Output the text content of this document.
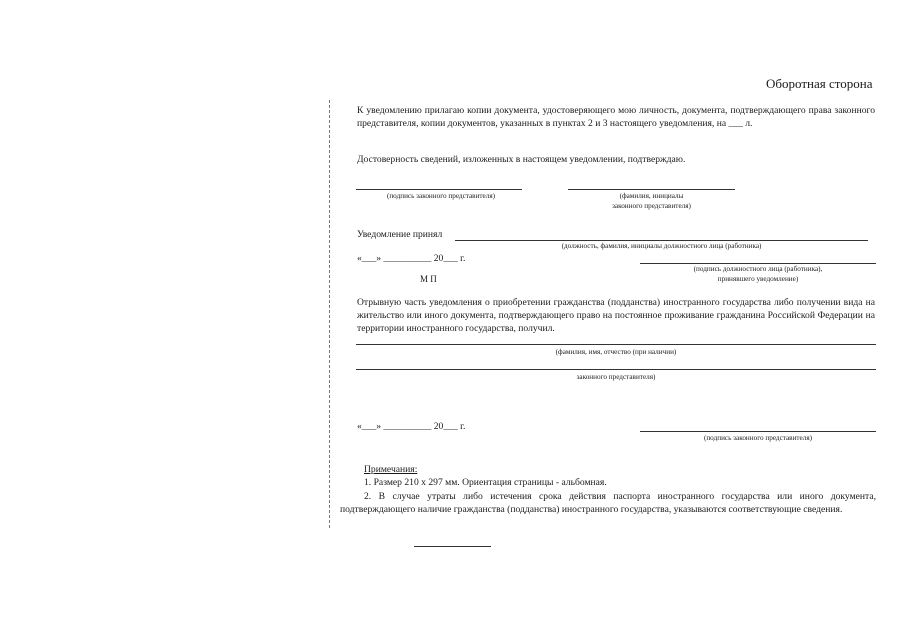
Оборотная сторона
К уведомлению прилагаю копии документа, удостоверяющего мою личность, документа, подтверждающего права законного представителя, копии документов, указанных в пунктах 2 и 3 настоящего уведомления, на ___ л.
Достоверность сведений, изложенных в настоящем уведомлении, подтверждаю.
(подпись законного представителя)	(фамилия, инициалы
законного представителя)
Уведомление принял
(должность, фамилия, инициалы должностного лица (работника)
«___» __________ 20___ г.
(подпись должностного лица (работника),
принявшего уведомление)
М П
Отрывную часть уведомления о приобретении гражданства (подданства) иностранного государства либо получении вида на жительство или иного документа, подтверждающего право на постоянное проживание гражданина Российской Федерации на территории иностранного государства, получил.
(фамилия, имя, отчество (при наличии)
законного представителя)
«___» __________ 20___ г.
(подпись законного представителя)
Примечания:
1. Размер 210 х 297 мм. Ориентация страницы - альбомная.
2. В случае утраты либо истечения срока действия паспорта иностранного государства или иного документа, подтверждающего наличие гражданства (подданства) иностранного государства, указываются соответствующие сведения.
